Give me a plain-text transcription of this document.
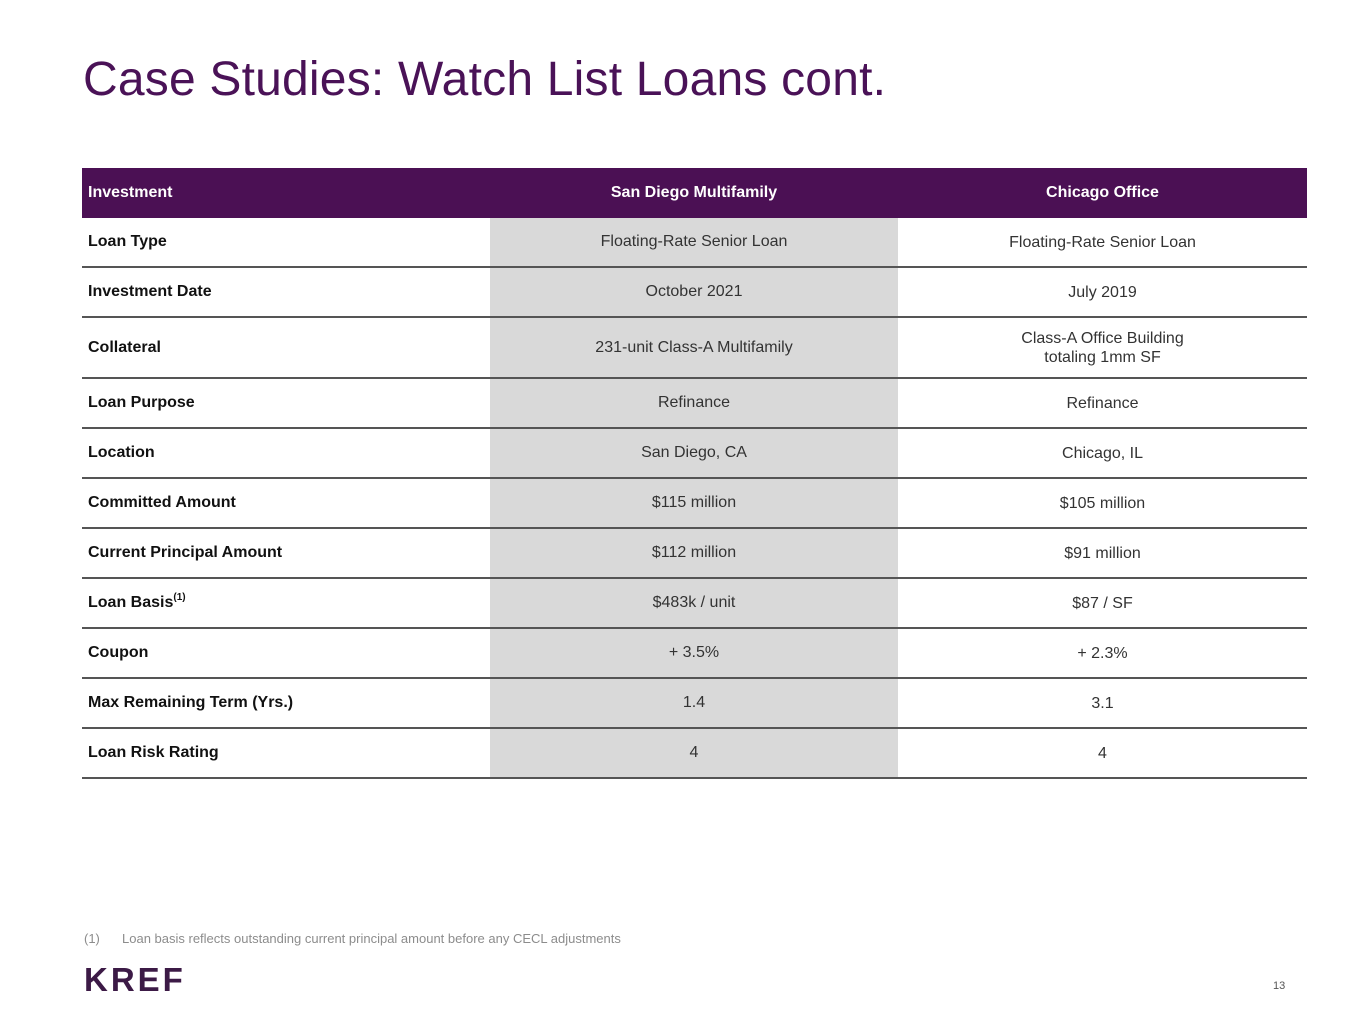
Case Studies: Watch List Loans cont.
Investment	San Diego Multifamily	Chicago Office
Loan Type	Floating-Rate Senior Loan	Floating-Rate Senior Loan
Investment Date	October 2021	July 2019
Collateral	231-unit Class-A Multifamily	Class-A Office Building
totaling 1mm SF

Loan Purpose	Refinance	Refinance
Location	San Diego, CA	Chicago, IL
Committed Amount	$115 million	$105 million
Current Principal Amount	$112 million	$91 million
Loan Basis$^{(1)}$	$483k / unit	$87 / SF
Coupon	+ 3.5%	+ 2.3%
Max Remaining Term (Yrs.)	1.4	3.1
Loan Risk Rating	4	4
(1) Loan basis reflects outstanding current principal amount before any CECL adjustments
KREF	13
